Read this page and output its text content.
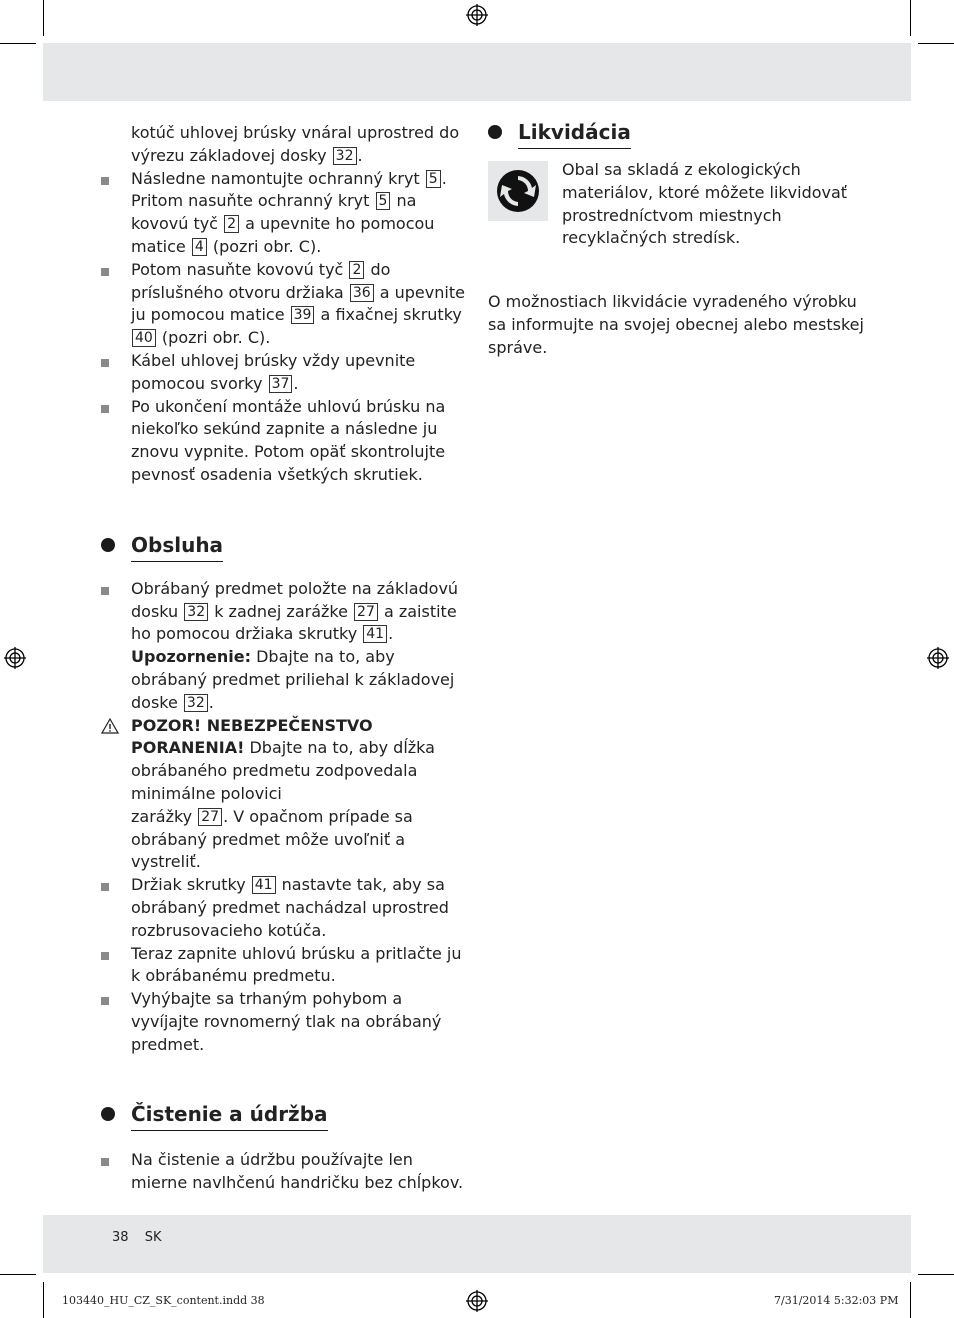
kotúč uhlovej brúsky vnáral uprostred do výrezu základovej dosky 32 .
Následne namontujte ochranný kryt 5 . Pritom nasuňte ochranný kryt 5 na kovovú tyč 2 a upevnite ho pomocou matice 4 (pozri obr. C).
Potom nasuňte kovovú tyč 2 do príslušného otvoru držiaka 36 a upevnite ju pomocou matice 39 a fixačnej skrutky 40 (pozri obr. C).
Kábel uhlovej brúsky vždy upevnite pomocou svorky 37 .
Po ukončení montáže uhlovú brúsku na niekoľko sekúnd zapnite a následne ju znovu vypnite. Potom opäť skontrolujte pevnosť osadenia všetkých skrutiek.
Obsluha
Obrábaný predmet položte na základovú dosku 32 k zadnej zarážke 27 a zaistite ho pomocou držiaka skrutky 41 .
Upozornenie: Dbajte na to, aby obrábaný predmet priliehal k základovej doske 32 .
POZOR! NEBEZPEČENSTVO PORANENIA! Dbajte na to, aby dĺžka obrábaného predmetu zodpovedala minimálne polovici
zarážky 27 . V opačnom prípade sa obrábaný predmet môže uvoľniť a vystreliť.
Držiak skrutky 41 nastavte tak, aby sa obrábaný predmet nachádzal uprostred rozbrusovacieho kotúča.
Teraz zapnite uhlovú brúsku a pritlačte ju k obrábanému predmetu.
Vyhýbajte sa trhaným pohybom a vyvíjajte rovnomerný tlak na obrábaný predmet.
Čistenie a údržba
Na čistenie a údržbu používajte len mierne navlhčenú handričku bez chĺpkov.
Likvidácia
Obal sa skladá z ekologických materiálov, ktoré môžete likvidovať prostredníctvom miestnych recyklačných stredísk.
O možnostiach likvidácie vyradeného výrobku sa informujte na svojej obecnej alebo mestskej správe.
38 SK
103440_HU_CZ_SK_content.indd 38	7/31/2014 5:32:03 PM
